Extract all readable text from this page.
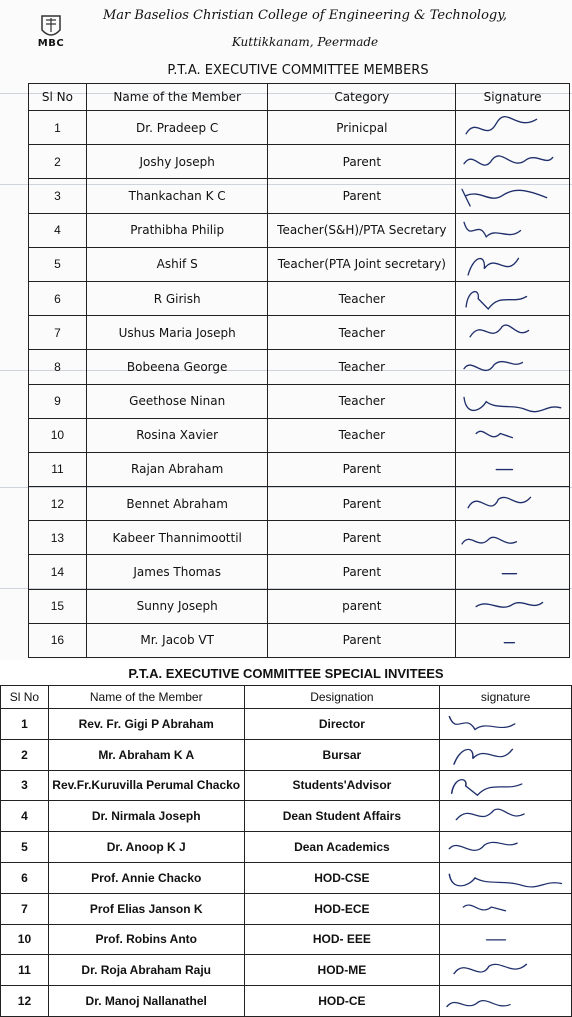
MBC
Mar Baselios Christian College of Engineering & Technology,
Kuttikkanam, Peermade
P.T.A. EXECUTIVE COMMITTEE MEMBERS
Sl No	Name of the Member	Category	Signature
1	Dr. Pradeep C	Prinicpal	

2	Joshy Joseph	Parent	

3	Thankachan K C	Parent	

4	Prathibha Philip	Teacher(S&H)/PTA Secretary	

5	Ashif S	Teacher(PTA Joint secretary)	

6	R Girish	Teacher	

7	Ushus Maria Joseph	Teacher	

8	Bobeena George	Teacher	

9	Geethose Ninan	Teacher	

10	Rosina Xavier	Teacher	

11	Rajan Abraham	Parent	

12	Bennet Abraham	Parent	

13	Kabeer Thannimoottil	Parent	

14	James Thomas	Parent	

15	Sunny Joseph	parent	

16	Mr. Jacob VT	Parent	
P.T.A. EXECUTIVE COMMITTEE SPECIAL INVITEES
Sl No	Name of the Member	Designation	signature
1	Rev. Fr. Gigi P Abraham	Director	

2	Mr. Abraham K A	Bursar	

3	Rev.Fr.Kuruvilla Perumal Chacko	Students'Advisor	

4	Dr. Nirmala Joseph	Dean Student Affairs	

5	Dr. Anoop K J	Dean Academics	

6	Prof. Annie Chacko	HOD-CSE	

7	Prof Elias Janson K	HOD-ECE	

10	Prof. Robins Anto	HOD- EEE	

11	Dr. Roja Abraham Raju	HOD-ME	

12	Dr. Manoj Nallanathel	HOD-CE	
